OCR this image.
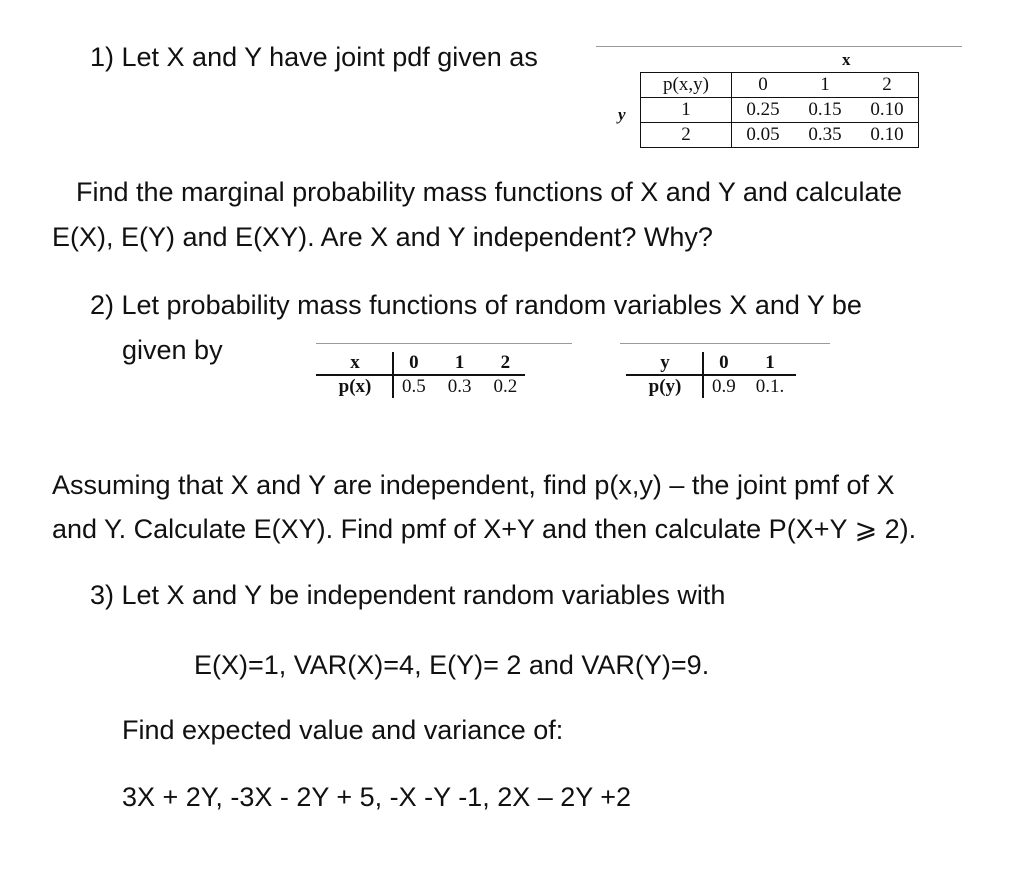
1) Let X and Y have joint pdf given as	x
y
p(x,y)	0 1 2

1	0.25 0.15 0.10

2	0.05 0.35 0.10

Find the marginal probability mass functions of X and Y and calculate

E(X), E(Y) and E(XY). Are X and Y independent? Why?

2) Let probability mass functions of random variables X and Y be

given by	x	0	1	2
p(x)	0.5	0.3	0.2
y	0	1
p(y)	0.9	0.1.

Assuming that X and Y are independent, find p(x,y) – the joint pmf of X

and Y. Calculate E(XY). Find pmf of X+Y and then calculate P(X+Y ⩾ 2).

3) Let X and Y be independent random variables with

E(X)=1, VAR(X)=4, E(Y)= 2 and VAR(Y)=9.

Find expected value and variance of:

3X + 2Y, -3X - 2Y + 5, -X -Y -1, 2X – 2Y +2
